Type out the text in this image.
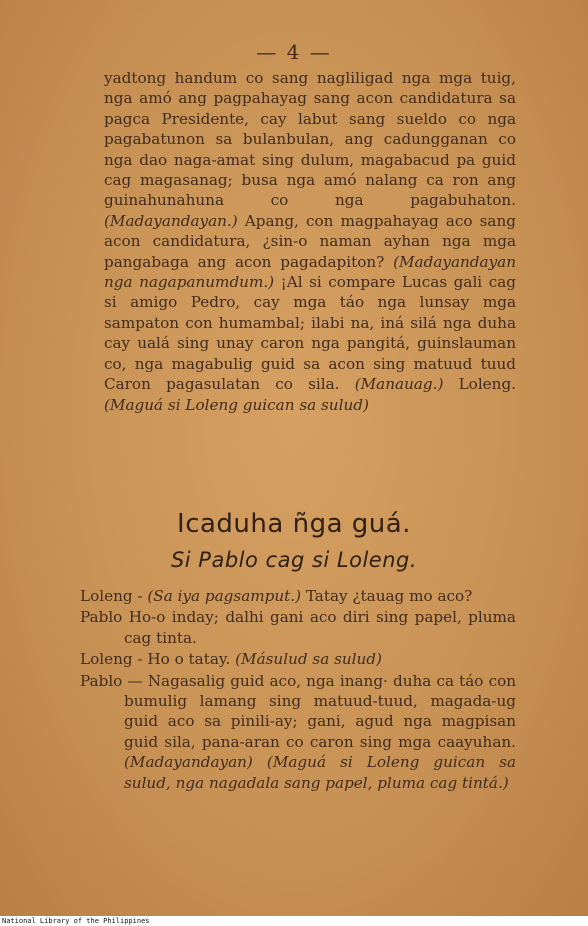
— 4 —

yadtong handum co sang nagliligad nga mga tuig, nga amó ang pagpahayag sang acon candidatura sa pagca Presidente, cay labut sang sueldo co nga pagabatunon sa bulanbulan, ang cadungganan co nga dao naga-amat sing dulum, magabacud pa guid cag magasanag; busa nga amó nalang ca ron ang guinahunahuna co nga pagabuhaton. (Madayandayan.) Apang, con magpahayag aco sang acon candidatura, ¿sin-o naman ayhan nga mga pangabaga ang acon pagadapiton? (Madayandayan nga nagapanumdum.) ¡Al si compare Lucas gali cag si amigo Pedro, cay mga táo nga lunsay mga sampaton con humambal; ilabi na, iná silá nga duha cay ualá sing unay caron nga pangitá, guinslauman co, nga magabulig guid sa acon sing matuud tuud Caron pagasulatan co sila. (Manauag.) Loleng. (Maguá si Loleng guican sa sulud)

Icaduha ñga guá.
Si Pablo cag si Loleng.

Loleng - (Sa iya pagsamput.) Tatay ¿tauag mo aco?

Pablo Ho-o inday; dalhi gani aco diri sing papel, pluma cag tinta.

Loleng - Ho o tatay. (Másulud sa sulud)

Pablo — Nagasalig guid aco, nga inang· duha ca táo con bumulig lamang sing matuud-tuud, magada-ug guid aco sa pinili-ay; gani, agud nga magpisan guid sila, pana-aran co caron sing mga caayuhan. (Madayandayan) (Maguá si Loleng guican sa sulud, nga nagadala sang papel, pluma cag tintá.)

National Library of the Philippines
